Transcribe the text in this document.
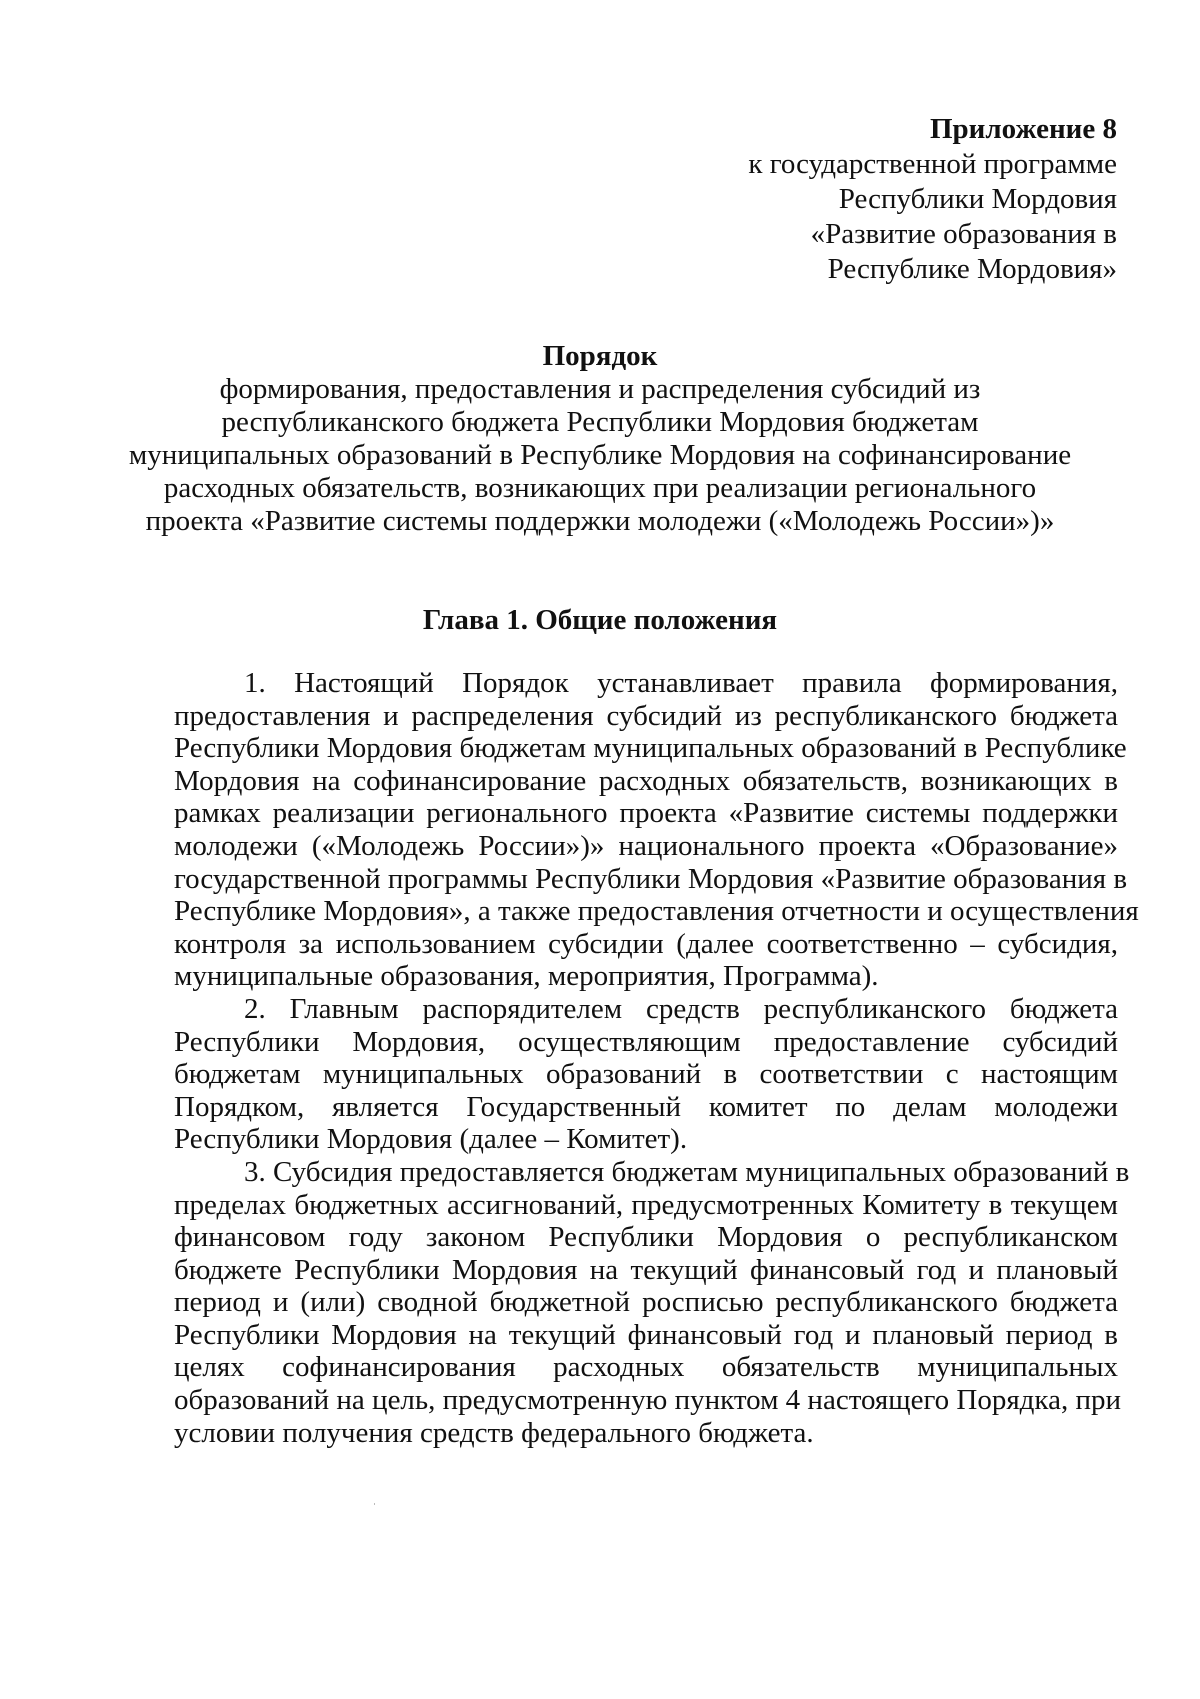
Приложение 8
к государственной программе
Республики Мордовия
«Развитие образования в
Республике Мордовия»
Порядок
формирования, предоставления и распределения субсидий из
республиканского бюджета Республики Мордовия бюджетам
муниципальных образований в Республике Мордовия на софинансирование
расходных обязательств, возникающих при реализации регионального
проекта «Развитие системы поддержки молодежи («Молодежь России»)»
Глава 1. Общие положения
1. Настоящий Порядок устанавливает правила формирования,
предоставления и распределения субсидий из республиканского бюджета
Республики Мордовия бюджетам муниципальных образований в Республике
Мордовия на софинансирование расходных обязательств, возникающих в
рамках реализации регионального проекта «Развитие системы поддержки
молодежи («Молодежь России»)» национального проекта «Образование»
государственной программы Республики Мордовия «Развитие образования в
Республике Мордовия», а также предоставления отчетности и осуществления
контроля за использованием субсидии (далее соответственно – субсидия,
муниципальные образования, мероприятия, Программа).
2. Главным распорядителем средств республиканского бюджета
Республики Мордовия, осуществляющим предоставление субсидий
бюджетам муниципальных образований в соответствии с настоящим
Порядком, является Государственный комитет по делам молодежи
Республики Мордовия (далее – Комитет).
3. Субсидия предоставляется бюджетам муниципальных образований в
пределах бюджетных ассигнований, предусмотренных Комитету в текущем
финансовом году законом Республики Мордовия о республиканском
бюджете Республики Мордовия на текущий финансовый год и плановый
период и (или) сводной бюджетной росписью республиканского бюджета
Республики Мордовия на текущий финансовый год и плановый период в
целях софинансирования расходных обязательств муниципальных
образований на цель, предусмотренную пунктом 4 настоящего Порядка, при
условии получения средств федерального бюджета.
